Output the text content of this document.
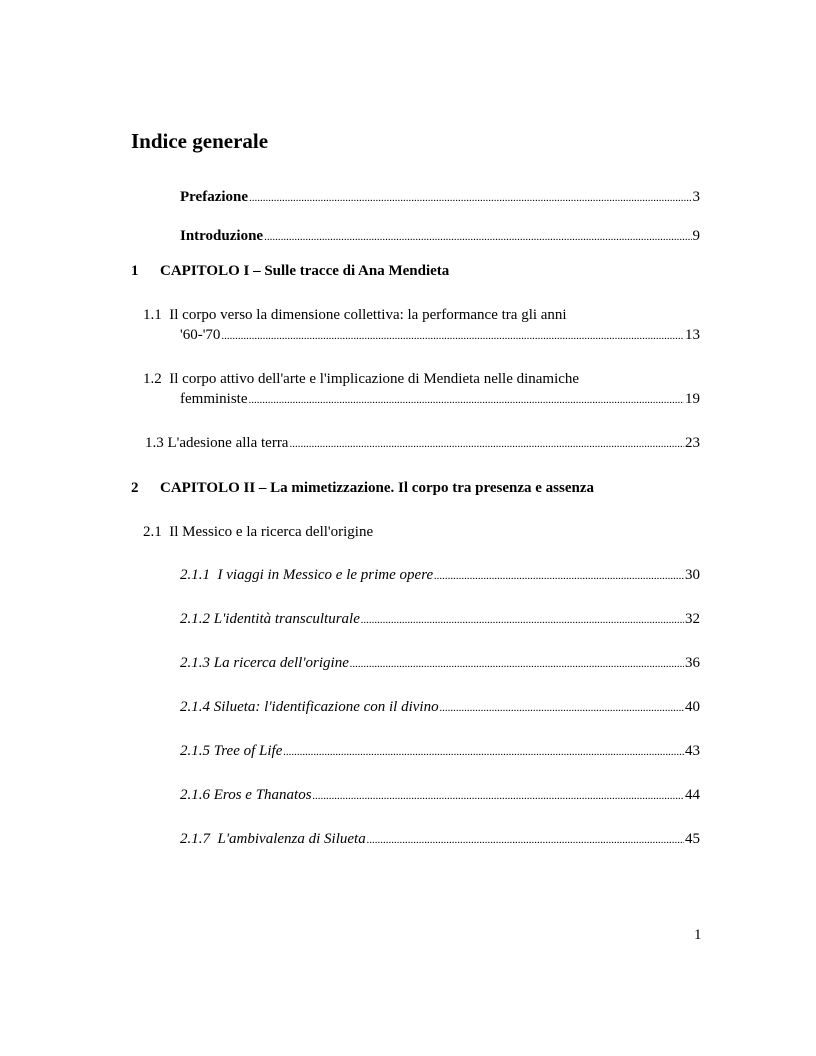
Indice generale
Prefazione .....	3
Introduzione .....	9
1 CAPITOLO I – Sulle tracce di Ana Mendieta
1.1 Il corpo verso la dimensione collettiva: la performance tra gli anni
'60-'70 .....	13
1.2 Il corpo attivo dell'arte e l'implicazione di Mendieta nelle dinamiche
femministe .....	19
1.3
L'adesione alla terra .....	23
2 CAPITOLO II – La mimetizzazione. Il corpo tra presenza e assenza
2.1 Il Messico e la ricerca dell'origine
2.1.1
I viaggi in Messico e le prime opere .....	30
2.1.2
L'identità transculturale .....	32
2.1.3
La ricerca dell'origine .....	36
2.1.4
Silueta: l'identificazione con il divino .....	40
2.1.5
Tree of Life .....	43
2.1.6
Eros e Thanatos .....	44
2.1.7
L'ambivalenza di Silueta .....	45
1
